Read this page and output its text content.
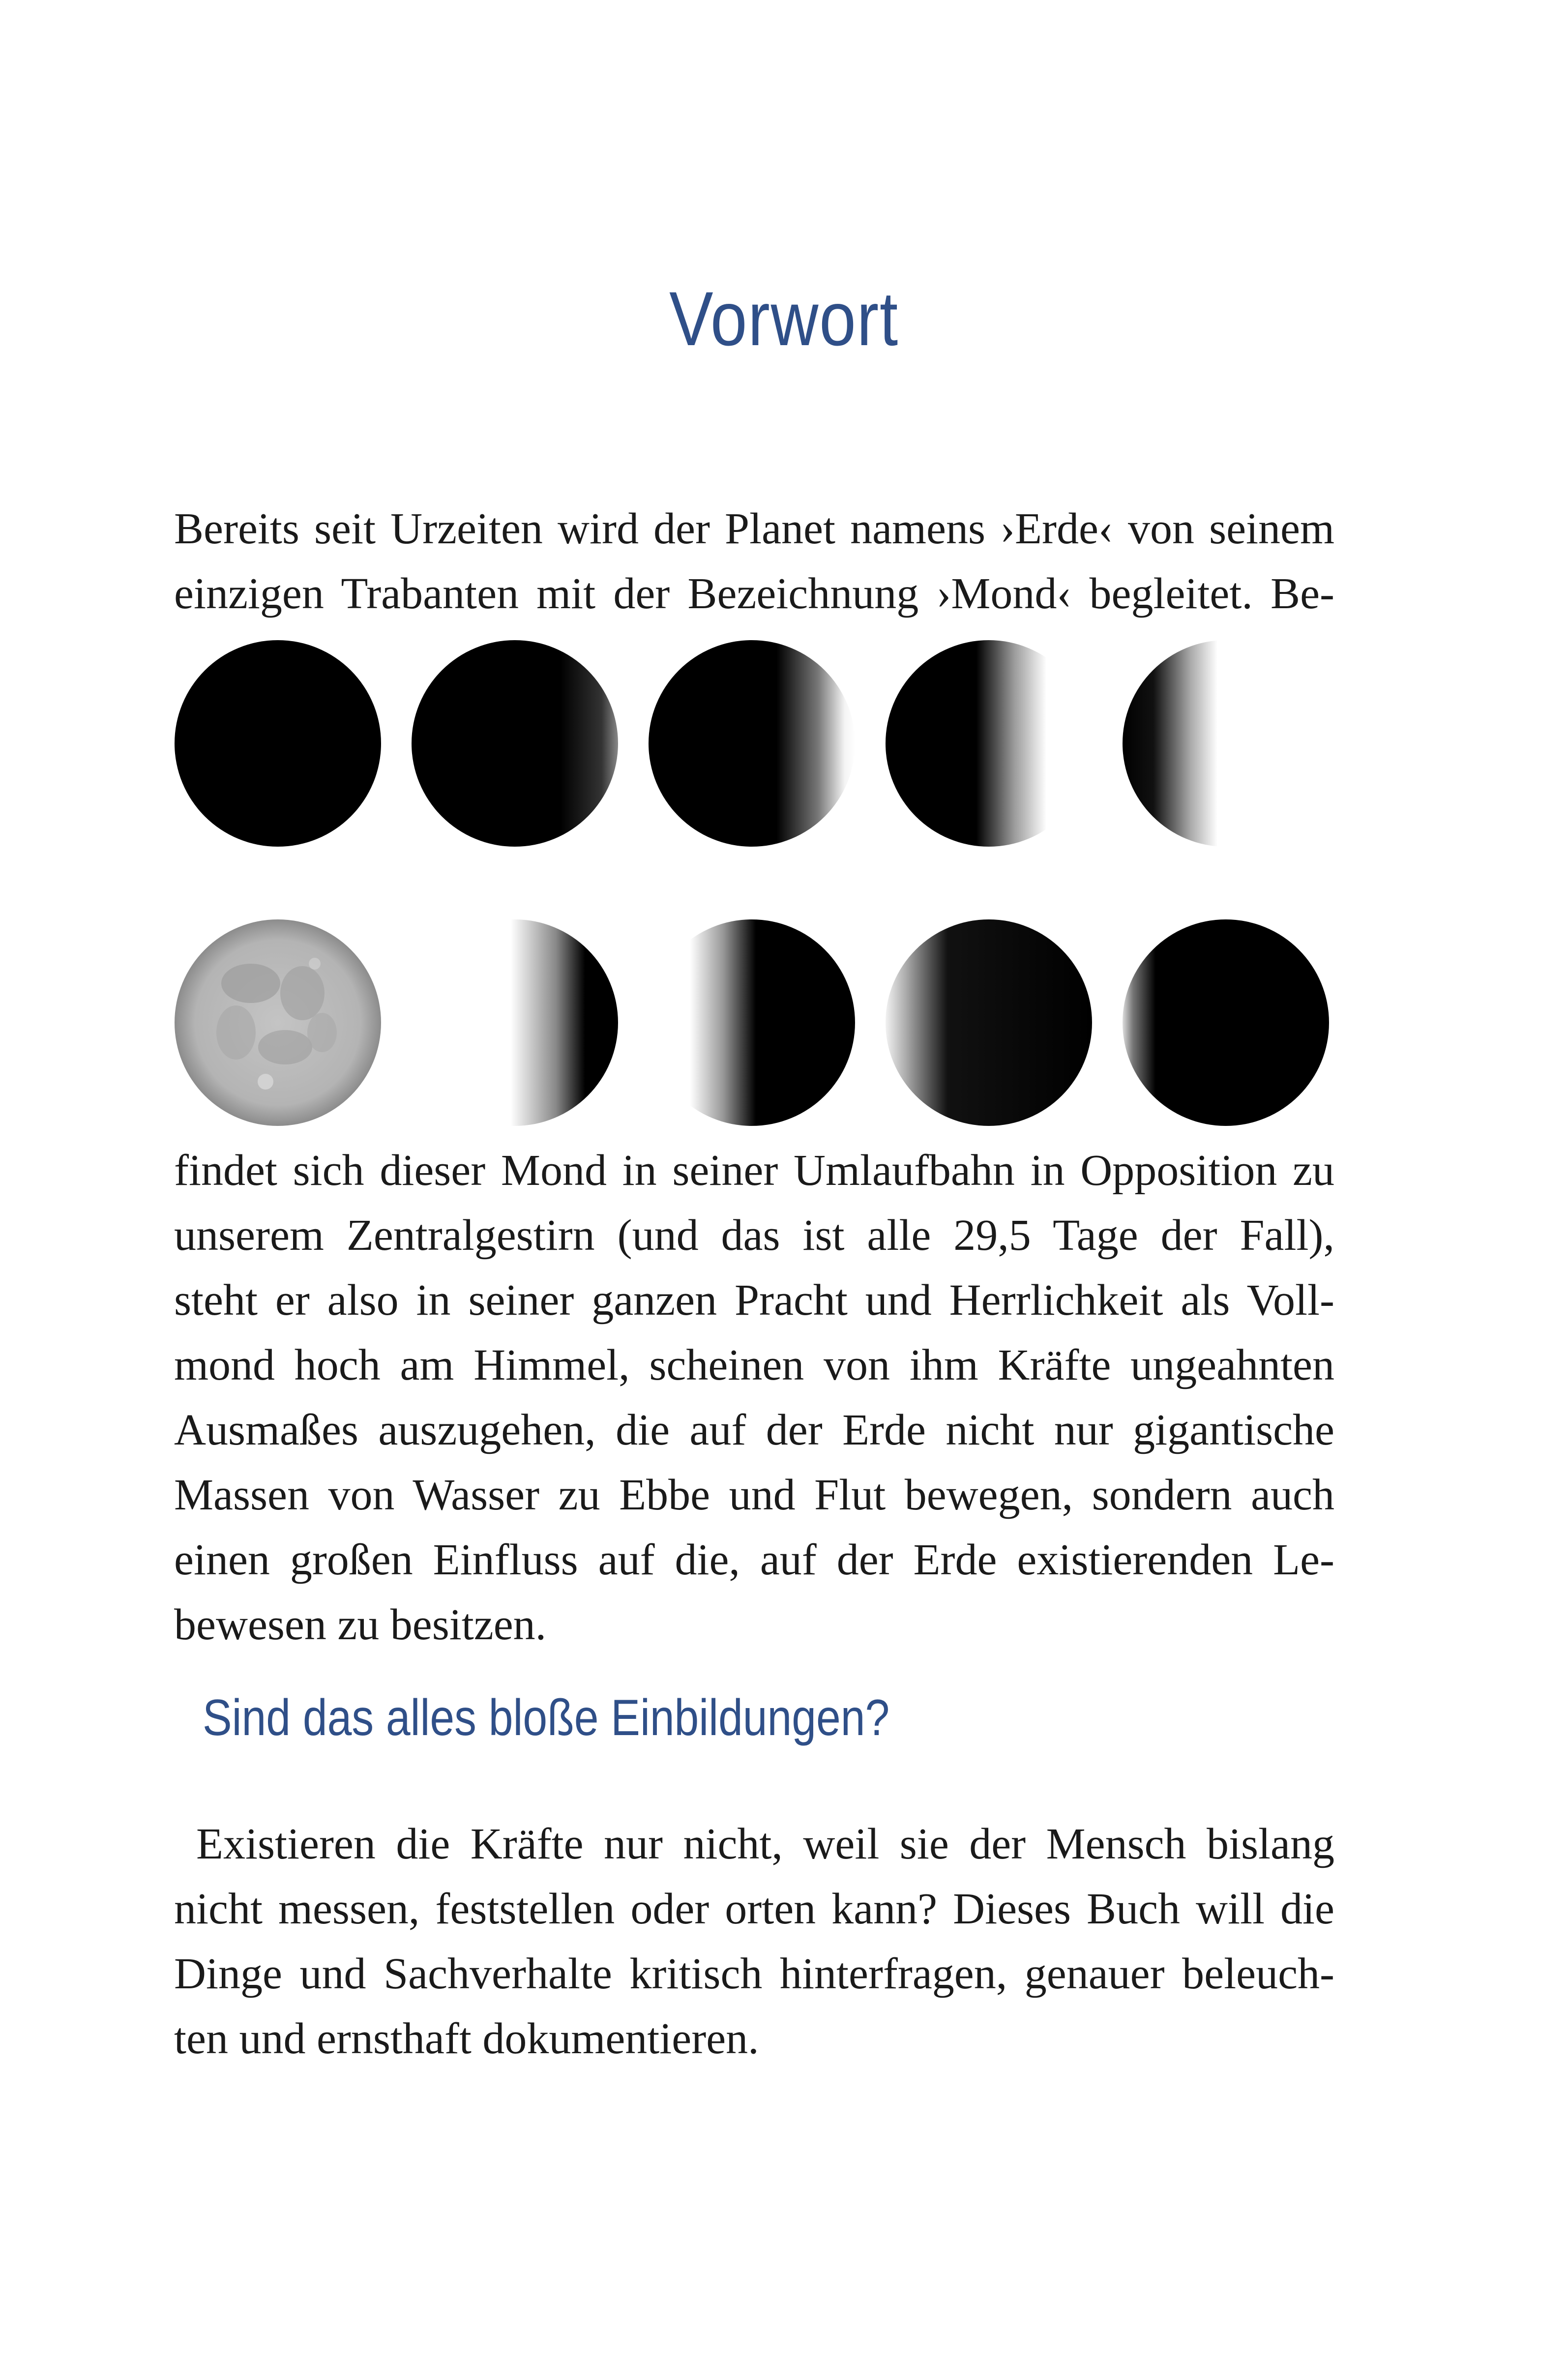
Vorwort

Bereits seit Urzeiten wird der Planet namens ›Erde‹ von seinem
einzigen Trabanten mit der Bezeichnung ›Mond‹ begleitet. Be-

findet sich dieser Mond in seiner Umlaufbahn in Opposition zu
unserem Zentralgestirn (und das ist alle 29,5 Tage der Fall),
steht er also in seiner ganzen Pracht und Herrlichkeit als Voll-
mond hoch am Himmel, scheinen von ihm Kräfte ungeahnten
Ausmaßes auszugehen, die auf der Erde nicht nur gigantische
Massen von Wasser zu Ebbe und Flut bewegen, sondern auch
einen großen Einfluss auf die, auf der Erde existierenden Le-
bewesen zu besitzen.

Sind das alles bloße Einbildungen?

 Existieren die Kräfte nur nicht, weil sie der Mensch bislang
nicht messen, feststellen oder orten kann? Dieses Buch will die
Dinge und Sachverhalte kritisch hinterfragen, genauer beleuch-
ten und ernsthaft dokumentieren.
